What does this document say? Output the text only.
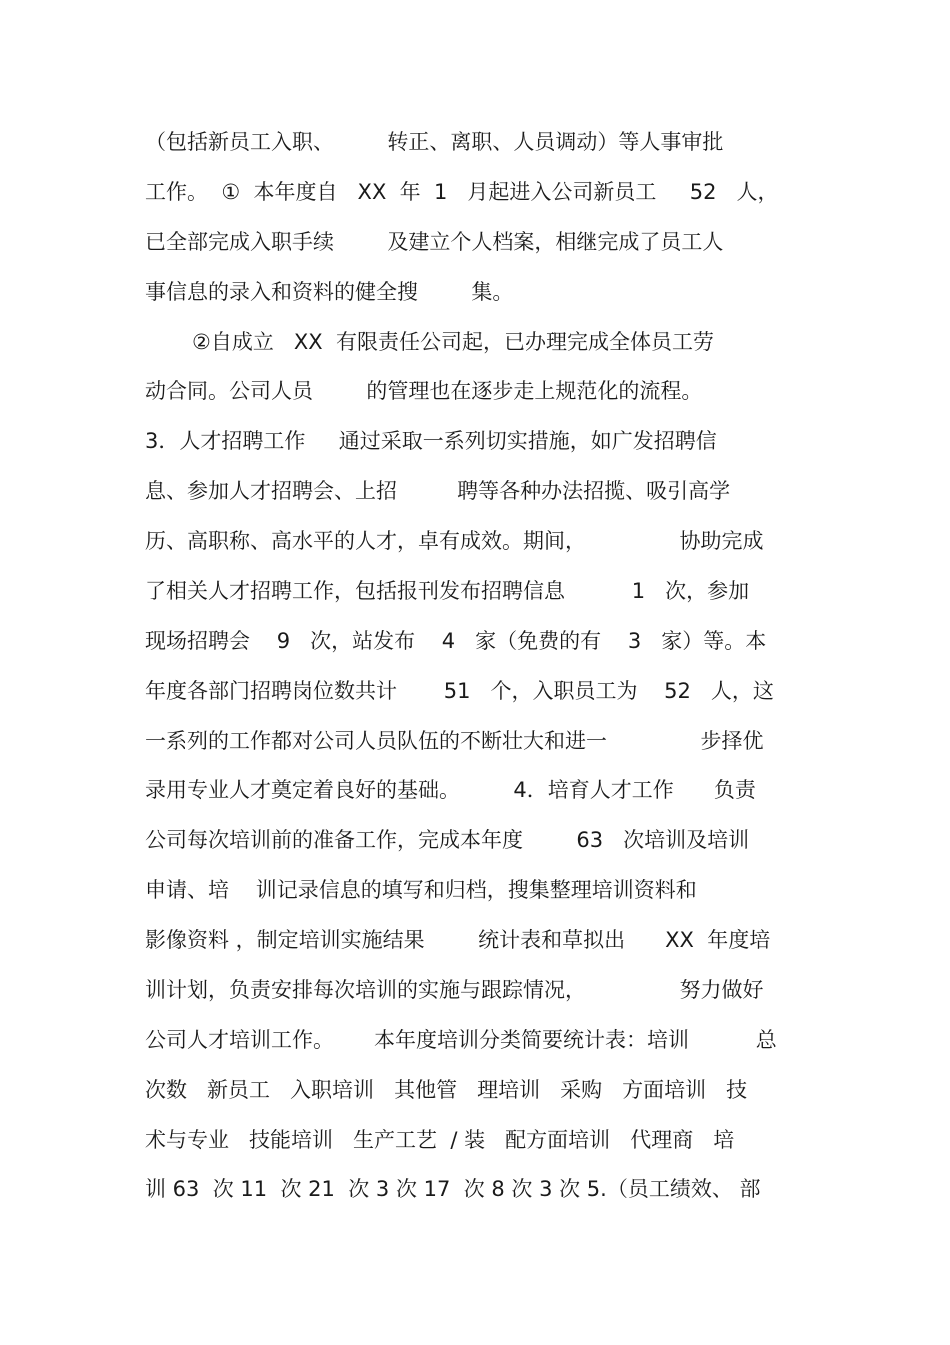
（包括新员工入职、        转正、离职、人员调动）等人事审批
工作。  ①  本年度自   XX  年  1   月起进入公司新员工     52   人，
已全部完成入职手续        及建立个人档案，相继完成了员工人
事信息的录入和资料的健全搜        集。
②自成立   XX  有限责任公司起，已办理完成全体员工劳
动合同。公司人员        的管理也在逐步走上规范化的流程。
3．人才招聘工作     通过采取一系列切实措施，如广发招聘信
息、参加人才招聘会、上招         聘等各种办法招揽、吸引高学
历、高职称、高水平的人才，卓有成效。期间，              协助完成
了相关人才招聘工作，包括报刊发布招聘信息          1   次，参加
现场招聘会    9   次，站发布    4   家（免费的有    3   家）等。本
年度各部门招聘岗位数共计       51   个，入职员工为    52   人，这
一系列的工作都对公司人员队伍的不断壮大和进一              步择优
录用专业人才奠定着良好的基础。        4．培育人才工作      负责
公司每次培训前的准备工作，完成本年度        63   次培训及培训
申请、培    训记录信息的填写和归档，搜集整理培训资料和
影像资料 ，制定培训实施结果        统计表和草拟出      XX  年度培
训计划，负责安排每次培训的实施与跟踪情况，              努力做好
公司人才培训工作。      本年度培训分类简要统计表：培训          总
次数   新员工   入职培训   其他管   理培训   采购   方面培训   技
术与专业   技能培训   生产工艺  / 装   配方面培训   代理商   培
训 63  次 11  次 21  次 3 次 17  次 8 次 3 次 5.（员工绩效、 部
